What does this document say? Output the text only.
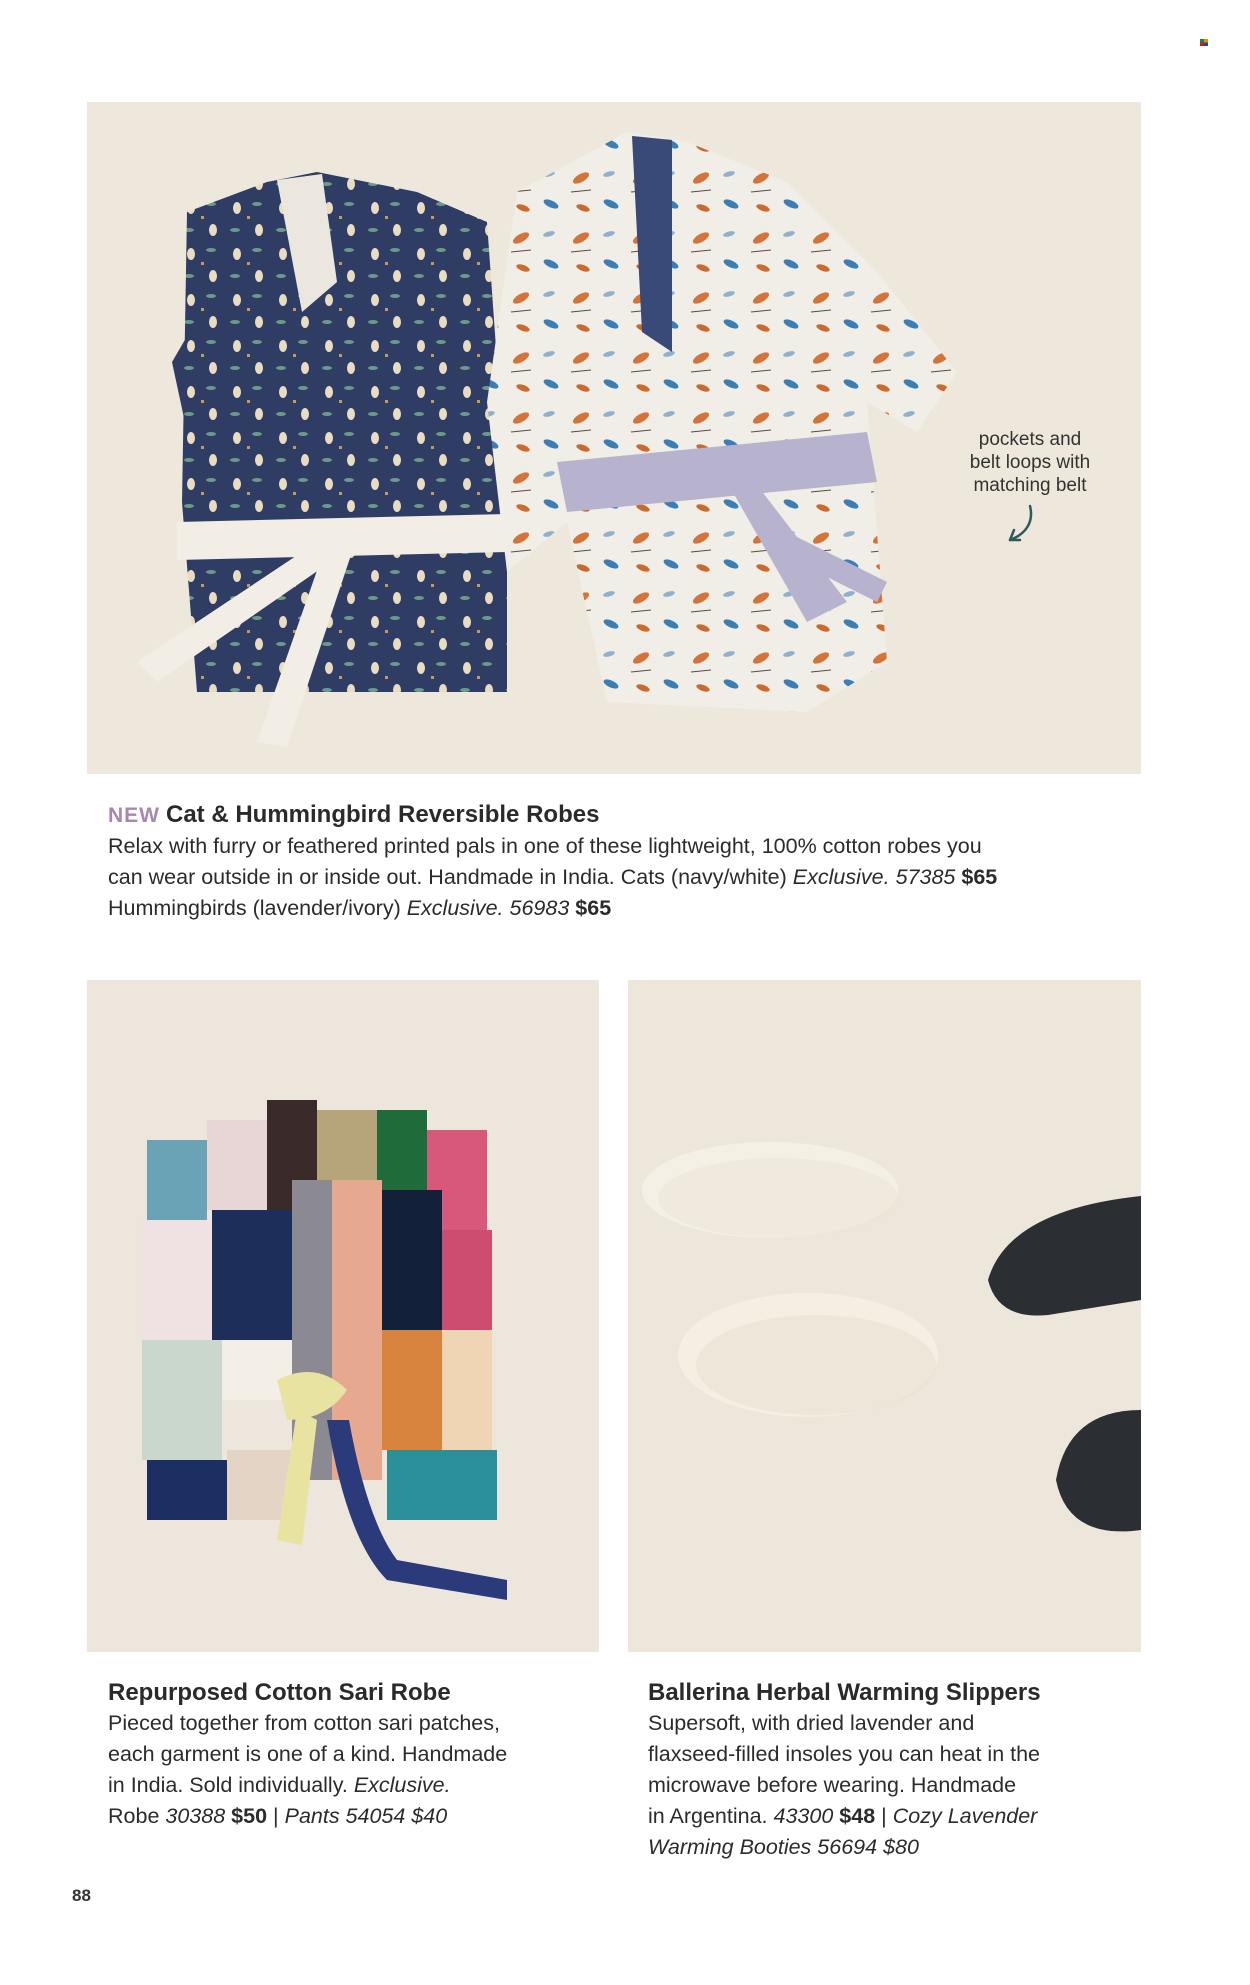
pockets and
belt loops with
matching belt
NEW Cat & Hummingbird Reversible Robes

Relax with furry or feathered printed pals in one of these lightweight, 100% cotton robes you

can wear outside in or inside out. Handmade in India. Cats (navy/white) Exclusive. 57385 $65

Hummingbirds (lavender/ivory) Exclusive. 56983 $65

Repurposed Cotton Sari Robe

Pieced together from cotton sari patches,

each garment is one of a kind. Handmade

in India. Sold individually. Exclusive.

Robe 30388 $50 | Pants 54054 $40

Ballerina Herbal Warming Slippers

Supersoft, with dried lavender and

flaxseed-filled insoles you can heat in the

microwave before wearing. Handmade

in Argentina. 43300 $48 | Cozy Lavender

Warming Booties 56694 $80

88
